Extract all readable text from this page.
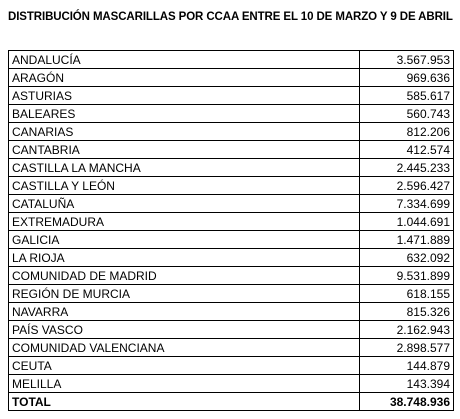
DISTRIBUCIÓN MASCARILLAS POR CCAA ENTRE EL 10 DE MARZO Y 9 DE ABRIL
ANDALUCÍA	3.567.953
ARAGÓN	969.636
ASTURIAS	585.617
BALEARES	560.743
CANARIAS	812.206
CANTABRIA	412.574
CASTILLA LA MANCHA	2.445.233
CASTILLA Y LEÓN	2.596.427
CATALUÑA	7.334.699
EXTREMADURA	1.044.691
GALICIA	1.471.889
LA RIOJA	632.092
COMUNIDAD DE MADRID	9.531.899
REGIÓN DE MURCIA	618.155
NAVARRA	815.326
PAÍS VASCO	2.162.943
COMUNIDAD VALENCIANA	2.898.577
CEUTA	144.879
MELILLA	143.394
TOTAL	38.748.936
